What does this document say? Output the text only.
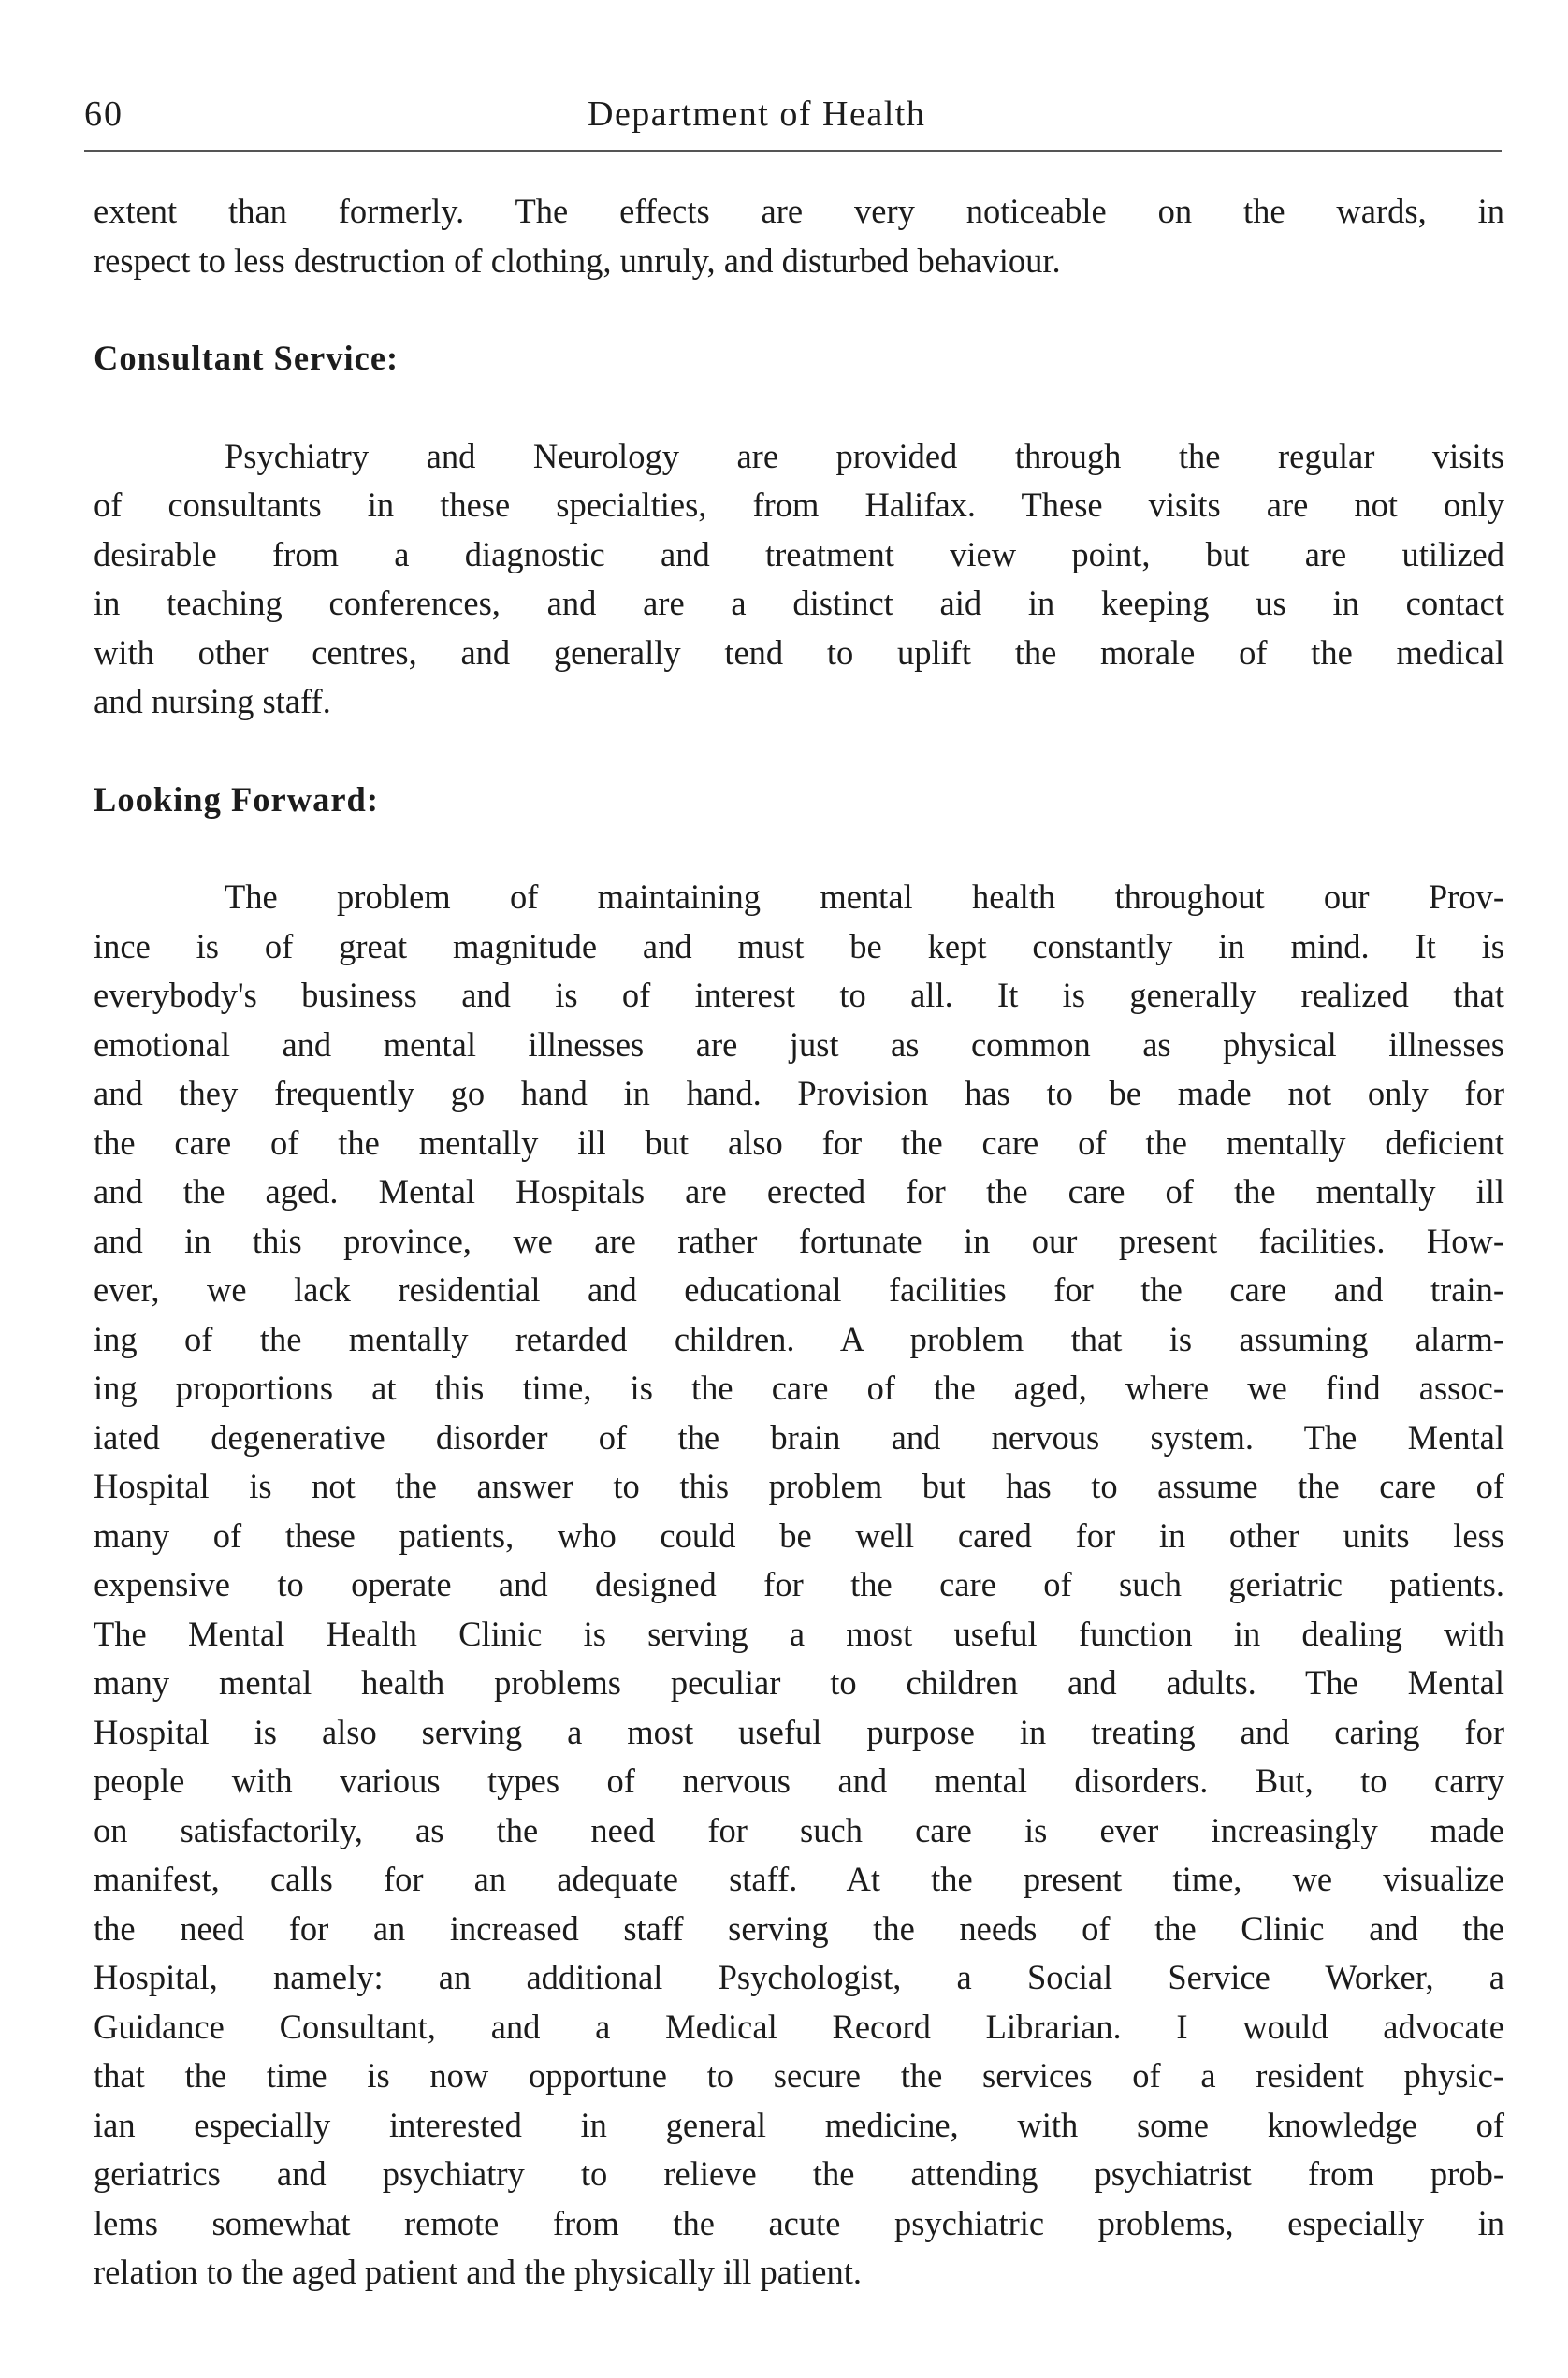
60	Department of Health
extent than formerly. The effects are very noticeable on the wards, in
respect to less destruction of clothing, unruly, and disturbed behaviour.
Consultant Service:
Psychiatry and Neurology are provided through the regular visits
of consultants in these specialties, from Halifax. These visits are not only
desirable from a diagnostic and treatment view point, but are utilized
in teaching conferences, and are a distinct aid in keeping us in contact
with other centres, and generally tend to uplift the morale of the medical
and nursing staff.
Looking Forward:
The problem of maintaining mental health throughout our Prov-
ince is of great magnitude and must be kept constantly in mind. It is
everybody's business and is of interest to all. It is generally realized that
emotional and mental illnesses are just as common as physical illnesses
and they frequently go hand in hand. Provision has to be made not only for
the care of the mentally ill but also for the care of the mentally deficient
and the aged. Mental Hospitals are erected for the care of the mentally ill
and in this province, we are rather fortunate in our present facilities. How-
ever, we lack residential and educational facilities for the care and train-
ing of the mentally retarded children. A problem that is assuming alarm-
ing proportions at this time, is the care of the aged, where we find assoc-
iated degenerative disorder of the brain and nervous system. The Mental
Hospital is not the answer to this problem but has to assume the care of
many of these patients, who could be well cared for in other units less
expensive to operate and designed for the care of such geriatric patients.
The Mental Health Clinic is serving a most useful function in dealing with
many mental health problems peculiar to children and adults. The Mental
Hospital is also serving a most useful purpose in treating and caring for
people with various types of nervous and mental disorders. But, to carry
on satisfactorily, as the need for such care is ever increasingly made
manifest, calls for an adequate staff. At the present time, we visualize
the need for an increased staff serving the needs of the Clinic and the
Hospital, namely: an additional Psychologist, a Social Service Worker, a
Guidance Consultant, and a Medical Record Librarian. I would advocate
that the time is now opportune to secure the services of a resident physic-
ian especially interested in general medicine, with some knowledge of
geriatrics and psychiatry to relieve the attending psychiatrist from prob-
lems somewhat remote from the acute psychiatric problems, especially in
relation to the aged patient and the physically ill patient.
